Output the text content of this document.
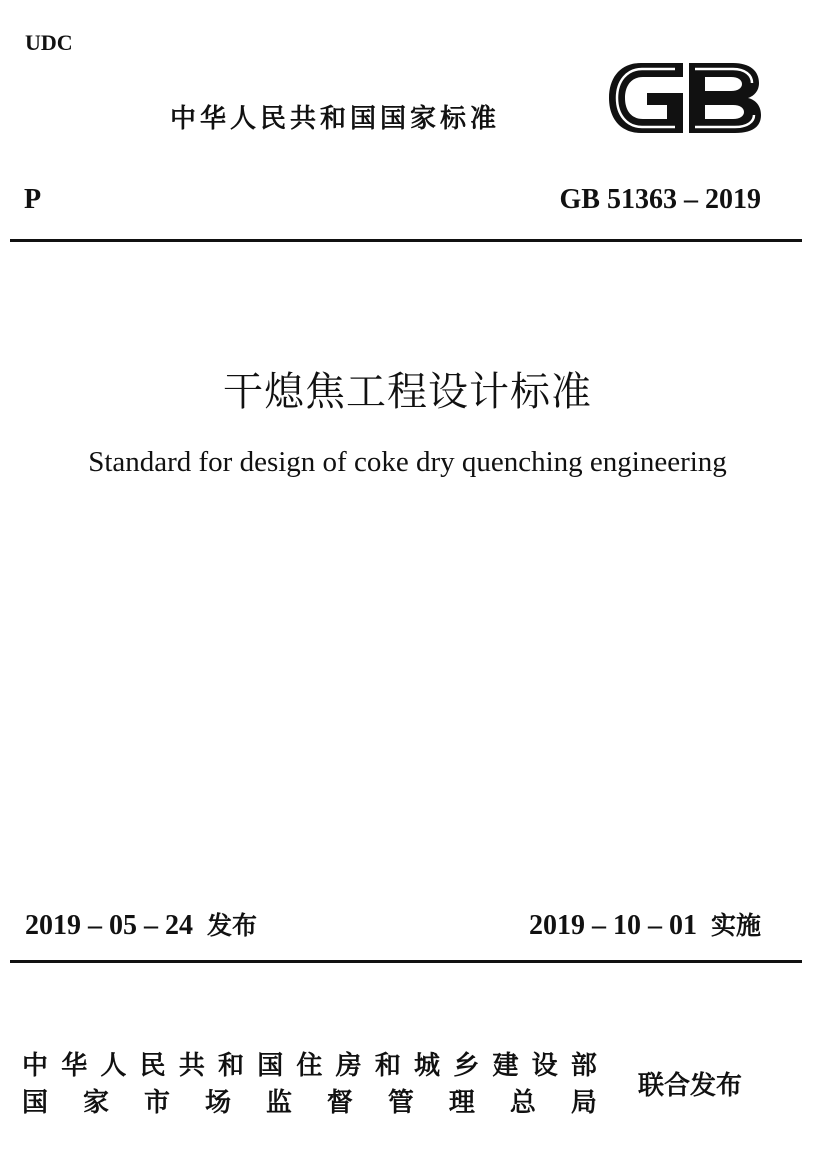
UDC
中华人民共和国国家标准
P	GB 51363 – 2019
干熄焦工程设计标准
Standard for design of coke dry quenching engineering
2019 – 05 – 24 发布	2019 – 10 – 01 实施
中 华 人 民 共 和 国 住 房 和 城 乡 建 设 部
国 家 市 场 监 督 管 理 总 局
联合发布
